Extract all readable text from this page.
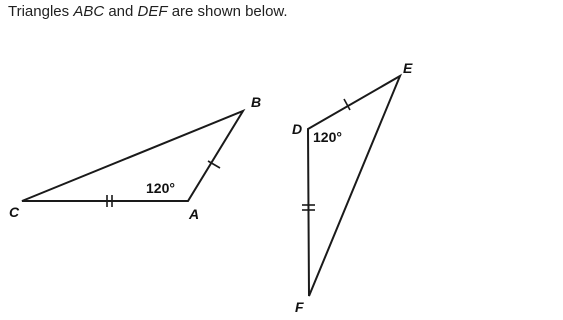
Triangles ABC and DEF are shown below.
B
A
C
120°
E
D
F
120°
